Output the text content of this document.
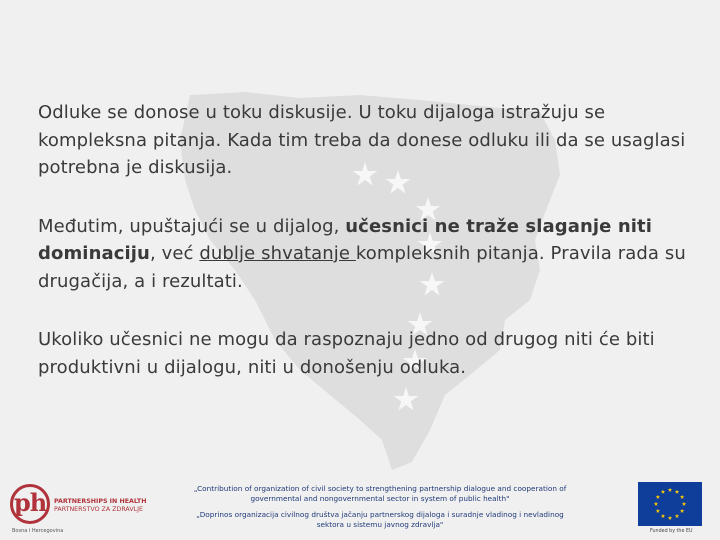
Odluke se donose u toku diskusije. U toku dijaloga istražuju se kompleksna pitanja. Kada tim treba da donese odluku ili da se usaglasi potrebna je diskusija.

Međutim, upuštajući se u dijalog, učesnici ne traže slaganje niti dominaciju, već dublje shvatanje kompleksnih pitanja. Pravila rada su drugačija, a i rezultati.

Ukoliko učesnici ne mogu da raspoznaju jedno od drugog niti će biti produktivni u dijalogu, niti u donošenju odluka.

ph PARTNERSHIPS IN HEALTH
PARTNERSTVO ZA ZDRAVLJE
Bosna i Hercegovina
„Contribution of organization of civil society to strengthening partnership dialogue and cooperation of governmental and nongovernmental sector in system of public health"
„Doprinos organizacija civilnog društva jačanju partnerskog dijaloga i suradnje vladinog i nevladinog sektora u sistemu javnog zdravlja"
Funded by the EU
